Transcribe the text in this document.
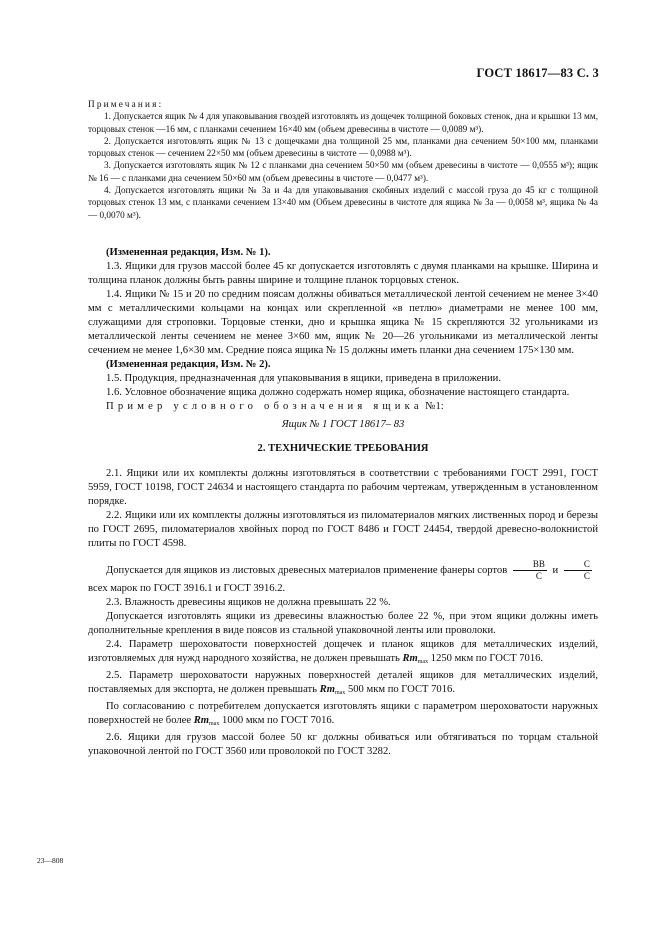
ГОСТ 18617—83 С. 3

Примечания:

1. Допускается ящик № 4 для упаковывания гвоздей изготовлять из дощечек толщиной боковых стенок, дна и крышки 13 мм, торцовых стенок —16 мм, с планками сечением 16×40 мм (объем древесины в чистоте — 0,0089 м³).

2. Допускается изготовлять ящик № 13 с дощечками дна толщиной 25 мм, планками дна сечением 50×100 мм, планками торцовых стенок — сечением 22×50 мм (объем древесины в чистоте — 0,0988 м³).

3. Допускается изготовлять ящик № 12 с планками дна сечением 50×50 мм (объем древесины в чистоте — 0,0555 м³); ящик № 16 — с планками дна сечением 50×60 мм (объем древесины в чистоте — 0,0477 м³).

4. Допускается изготовлять ящики № 3а и 4а для упаковывания скобяных изделий с массой груза до 45 кг с толщиной торцовых стенок 13 мм, с планками сечением 13×40 мм (Объем древесины в чистоте для ящика № 3а — 0,0058 м³, ящика № 4а — 0,0070 м³).

(Измененная редакция, Изм. № 1).

1.3. Ящики для грузов массой более 45 кг допускается изготовлять с двумя планками на крышке. Ширина и толщина планок должны быть равны ширине и толщине планок торцовых стенок.

1.4. Ящики № 15 и 20 по средним поясам должны обиваться металлической лентой сечением не менее 3×40 мм с металлическими кольцами на концах или скрепленной «в петлю» диаметрами не менее 100 мм, служащими для строповки. Торцовые стенки, дно и крышка ящика № 15 скрепляются 32 угольниками из металлической ленты сечением не менее 3×60 мм, ящик № 20—26 угольниками из металлической ленты сечением не менее 1,6×30 мм. Средние пояса ящика № 15 должны иметь планки дна сечением 175×130 мм.

(Измененная редакция, Изм. № 2).

1.5. Продукция, предназначенная для упаковывания в ящики, приведена в приложении.

1.6. Условное обозначение ящика должно содержать номер ящика, обозначение настоящего стандарта.

Пример условного обозначения ящика №1:

Ящик № 1 ГОСТ 18617– 83

2. ТЕХНИЧЕСКИЕ ТРЕБОВАНИЯ

2.1. Ящики или их комплекты должны изготовляться в соответствии с требованиями ГОСТ 2991, ГОСТ 5959, ГОСТ 10198, ГОСТ 24634 и настоящего стандарта по рабочим чертежам, утвержденным в установленном порядке.

2.2. Ящики или их комплекты должны изготовляться из пиломатериалов мягких лиственных пород и березы по ГОСТ 2695, пиломатериалов хвойных пород по ГОСТ 8486 и ГОСТ 24454, твердой древесно-волокнистой плиты по ГОСТ 4598.

Допускается для ящиков из листовых древесных материалов применение фанеры сортов $\frac{ВВ}{С}$ и $\frac{С}{С}$

всех марок по ГОСТ 3916.1 и ГОСТ 3916.2.

2.3. Влажность древесины ящиков не должна превышать 22 %.

Допускается изготовлять ящики из древесины влажностью более 22 %, при этом ящики должны иметь дополнительные крепления в виде поясов из стальной упаковочной ленты или проволоки.

2.4. Параметр шероховатости поверхностей дощечек и планок ящиков для металлических изделий, изготовляемых для нужд народного хозяйства, не должен превышать $Rm_{max}$ 1250 мкм по ГОСТ 7016.

2.5. Параметр шероховатости наружных поверхностей деталей ящиков для металлических изделий, поставляемых для экспорта, не должен превышать $Rm_{max}$ 500 мкм по ГОСТ 7016.

По согласованию с потребителем допускается изготовлять ящики с параметром шероховатости наружных поверхностей не более $Rm_{max}$ 1000 мкм по ГОСТ 7016.

2.6. Ящики для грузов массой более 50 кг должны обиваться или обтягиваться по торцам стальной упаковочной лентой по ГОСТ 3560 или проволокой по ГОСТ 3282.

23—808
